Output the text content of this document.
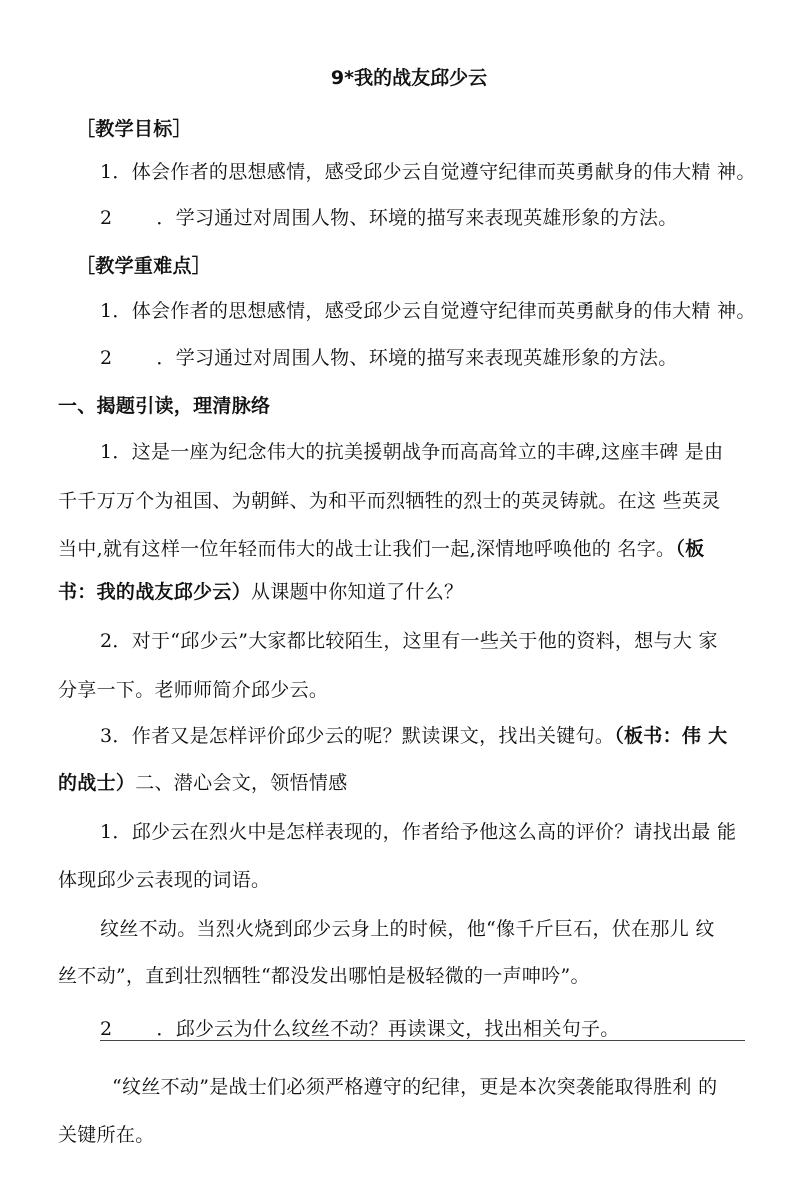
9*我的战友邱少云
［教学目标］
1．体会作者的思想感情，感受邱少云自觉遵守纪律而英勇献身的伟大精 神。
2 ．学习通过对周围人物、环境的描写来表现英雄形象的方法。
［教学重难点］
1．体会作者的思想感情，感受邱少云自觉遵守纪律而英勇献身的伟大精 神。
2 ．学习通过对周围人物、环境的描写来表现英雄形象的方法。
一、揭题引读，理清脉络
1．这是一座为纪念伟大的抗美援朝战争而高高耸立的丰碑,这座丰碑 是由
千千万万个为祖国、为朝鲜、为和平而烈牺牲的烈士的英灵铸就。在这 些英灵
当中,就有这样一位年轻而伟大的战士让我们一起,深情地呼唤他的 名字。（板
书：我的战友邱少云）从课题中你知道了什么？
2．对于“邱少云”大家都比较陌生，这里有一些关于他的资料，想与大 家
分享一下。老师师简介邱少云。
3．作者又是怎样评价邱少云的呢？默读课文，找出关键句。（板书：伟 大
的战士）二、潜心会文，领悟情感
1．邱少云在烈火中是怎样表现的，作者给予他这么高的评价？请找出最 能
体现邱少云表现的词语。
纹丝不动。当烈火烧到邱少云身上的时候，他“像千斤巨石，伏在那儿 纹
丝不动”，直到壮烈牺牲“都没发出哪怕是极轻微的一声呻吟”。
2 ．邱少云为什么纹丝不动？再读课文，找出相关句子。
“纹丝不动”是战士们必须严格遵守的纪律，更是本次突袭能取得胜利 的
关键所在。
